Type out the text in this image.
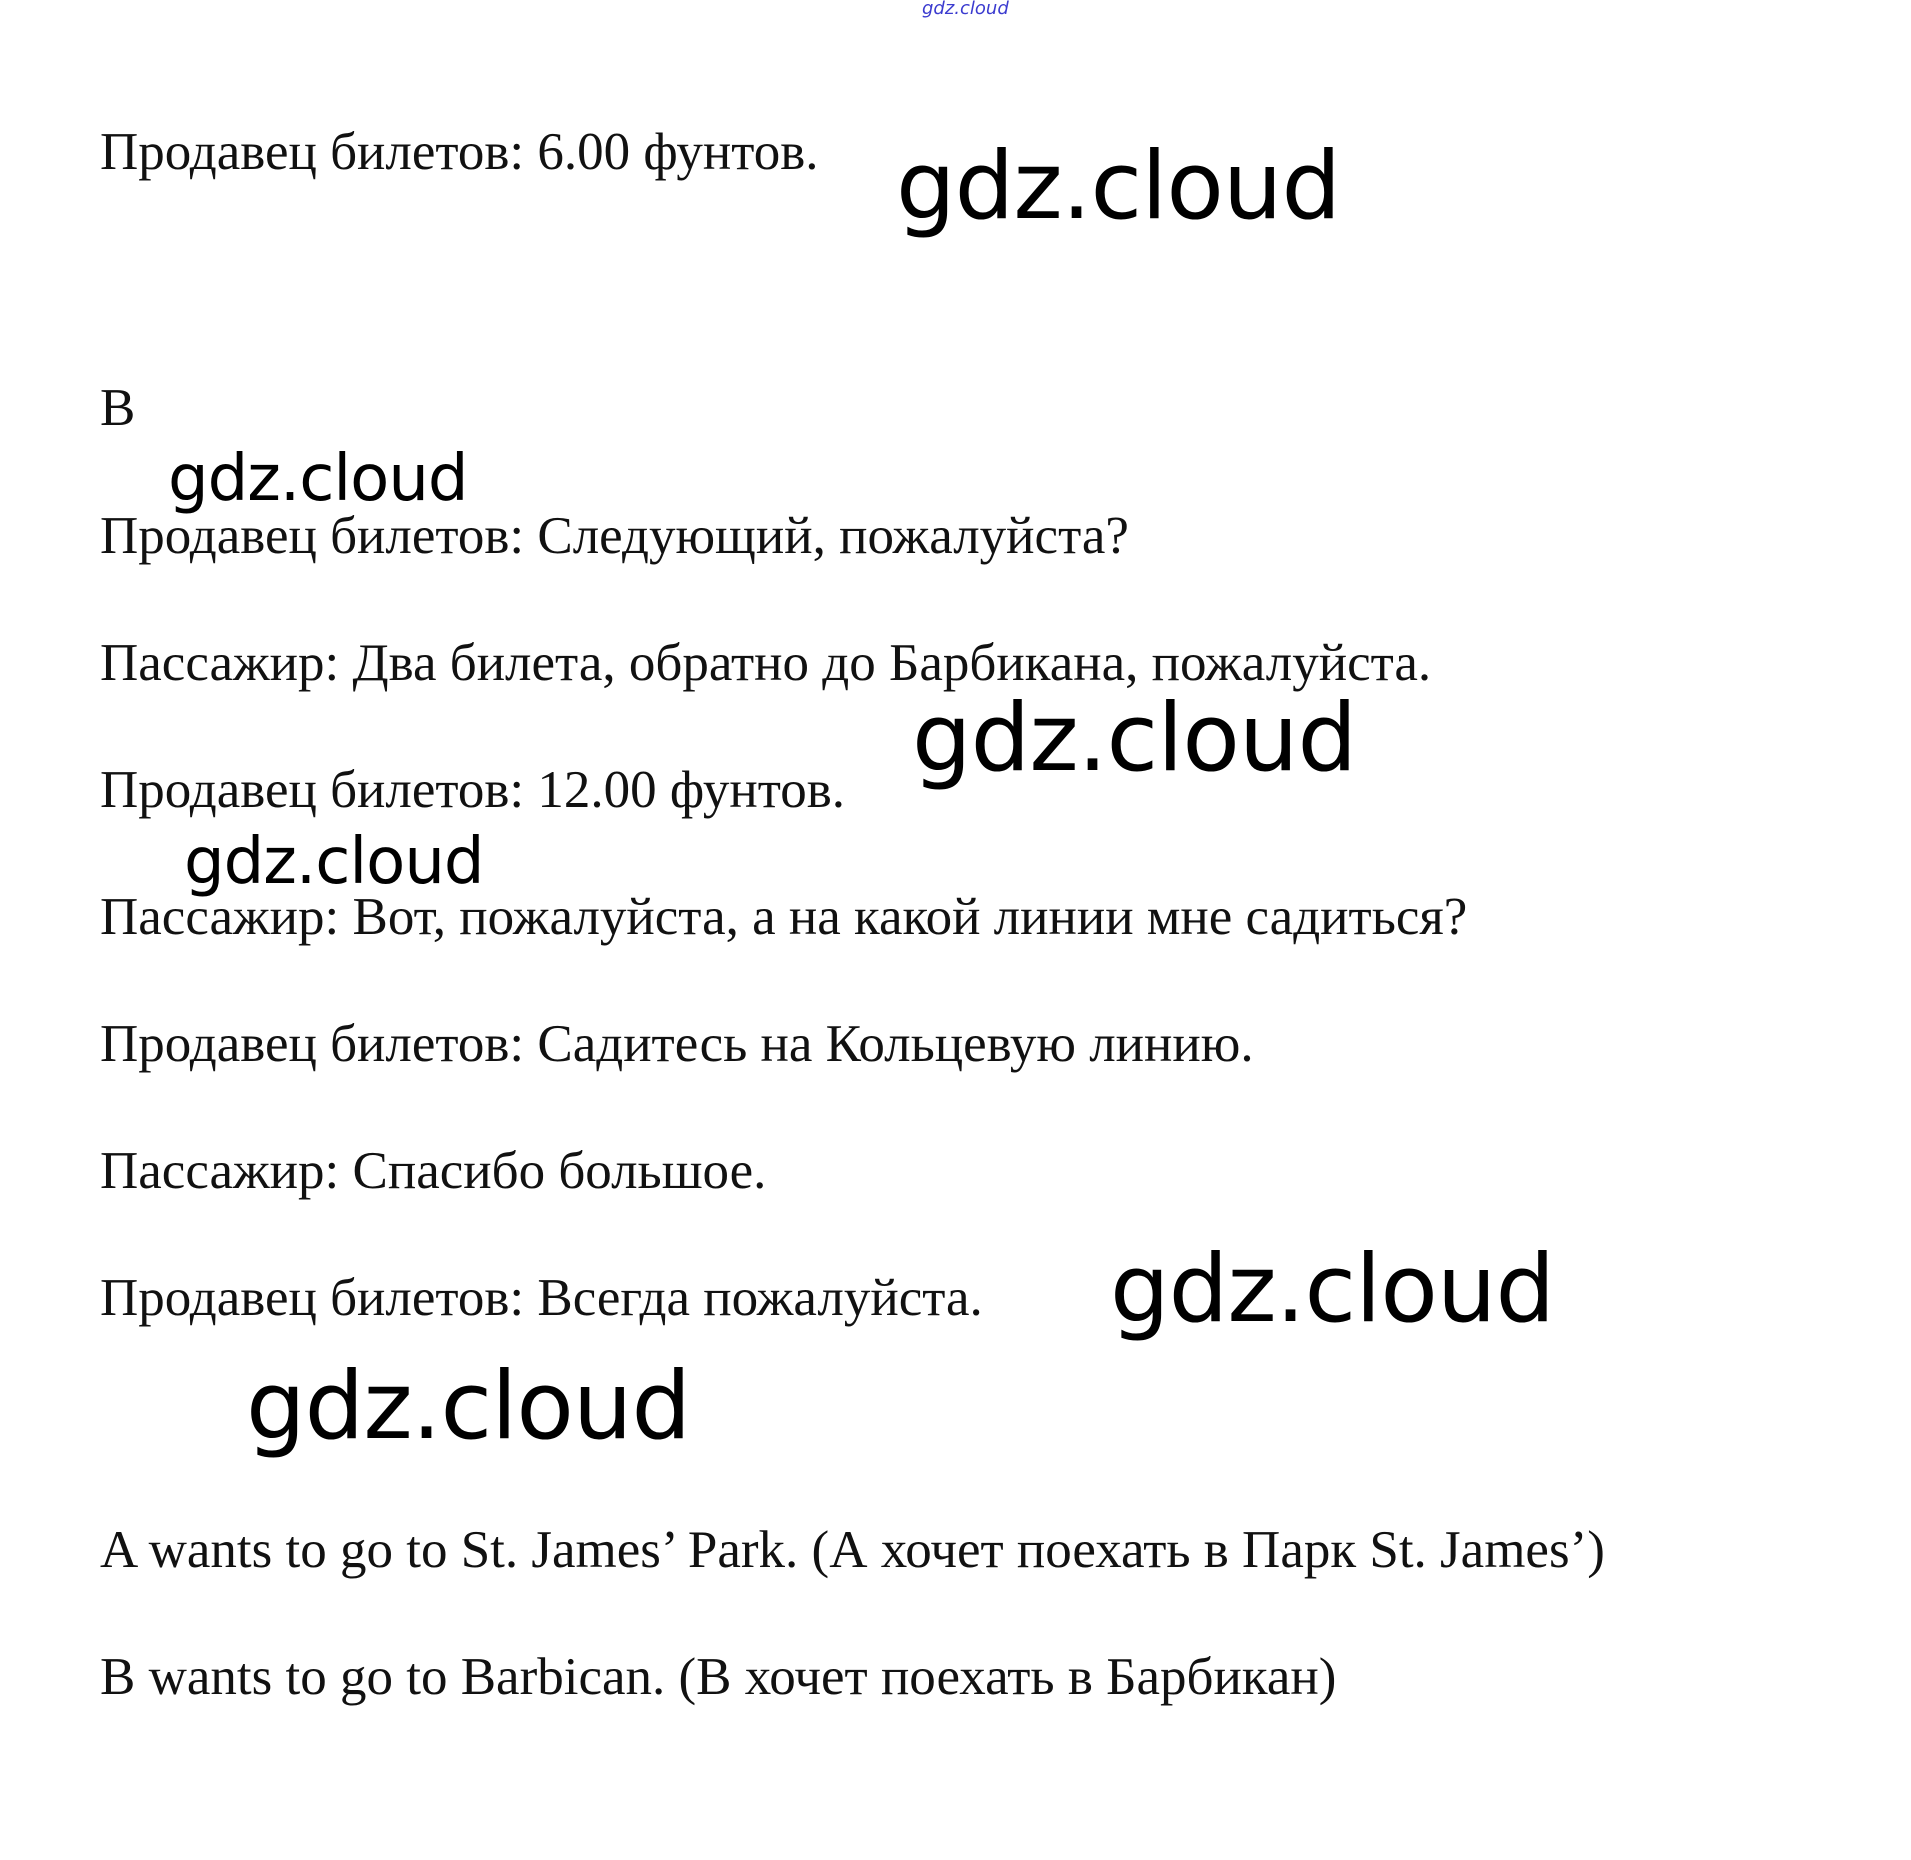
gdz.cloud

Продавец билетов: 6.00 фунтов. gdz.cloud

B

gdz.cloud

Продавец билетов: Следующий, пожалуйста?

Пассажир: Два билета, обратно до Барбикана, пожалуйста.

gdz.cloud

Продавец билетов: 12.00 фунтов.

gdz.cloud

Пассажир: Вот, пожалуйста, а на какой линии мне садиться?

Продавец билетов: Садитесь на Кольцевую линию.

Пассажир: Спасибо большое.

Продавец билетов: Всегда пожалуйста. gdz.cloud
gdz.cloud

A wants to go to St. James’ Park. (А хочет поехать в Парк St. James’)

B wants to go to Barbican. (В хочет поехать в Барбикан)
